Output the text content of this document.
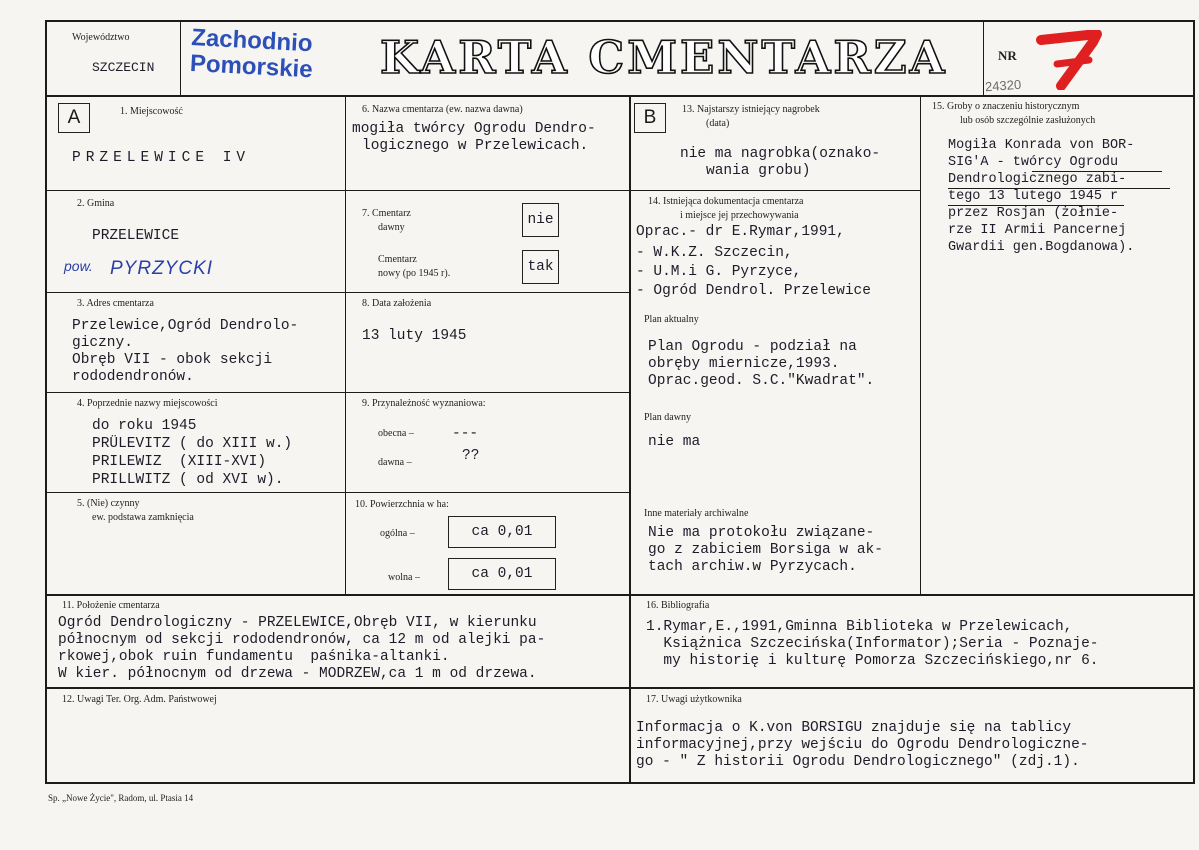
Województwo
SZCZECIN
Zachodnio
Pomorskie KARTA CMENTARZA	NR
24320
A	1. Miejscowość
PRZELEWICE IV
2. Gmina
PRZELEWICE
pow. PYRZYCKI
3. Adres cmentarza
Przelewice,Ogród Dendrolo-
giczny.
Obręb VII - obok sekcji
rododendronów.
4. Poprzednie nazwy miejscowości
do roku 1945
PRÜLEVITZ ( do XIII w.)
PRILEWIZ  (XIII-XVI)
PRILLWITZ ( od XVI w).
5. (Nie) czynny
ew. podstawa zamknięcia
6. Nazwa cmentarza (ew. nazwa dawna)
mogiła twórcy Ogrodu Dendro-
logicznego w Przelewicach.
7. Cmentarz
dawny	nie
Cmentarz
nowy (po 1945 r).	tak
8. Data założenia
13 luty 1945
9. Przynależność wyznaniowa:
obecna –	---
dawna –	??
10. Powierzchnia w ha:
ogólna –	ca 0,01
wolna –	ca 0,01
B	13. Najstarszy istniejący nagrobek
(data)
nie ma nagrobka(oznako-
wania grobu)
14. Istniejąca dokumentacja cmentarza
i miejsce jej przechowywania
Oprac.- dr E.Rymar,1991,
- W.K.Z. Szczecin,
- U.M.i G. Pyrzyce,
- Ogród Dendrol. Przelewice
Plan aktualny
Plan Ogrodu - podział na
obręby miernicze,1993.
Oprac.geod. S.C."Kwadrat".
Plan dawny
nie ma
Inne materiały archiwalne
Nie ma protokołu związane-
go z zabiciem Borsiga w ak-
tach archiw.w Pyrzycach.
15. Groby o znaczeniu historycznym
lub osób szczególnie zasłużonych
Mogiła Konrada von BOR-
SIG'A - twórcy Ogrodu
Dendrologicznego zabi-
tego 13 lutego 1945 r
przez Rosjan (żołnie-
rze II Armii Pancernej
Gwardii gen.Bogdanowa).
11. Położenie cmentarza
Ogród Dendrologiczny - PRZELEWICE,Obręb VII, w kierunku
północnym od sekcji rododendronów, ca 12 m od alejki pa-
rkowej,obok ruin fundamentu  paśnika-altanki.
W kier. północnym od drzewa - MODRZEW,ca 1 m od drzewa.
16. Bibliografia
1.Rymar,E.,1991,Gminna Biblioteka w Przelewicach,
Książnica Szczecińska(Informator);Seria - Poznaje-
my historię i kulturę Pomorza Szczecińskiego,nr 6.
12. Uwagi Ter. Org. Adm. Państwowej	17. Uwagi użytkownika
Informacja o K.von BORSIGU znajduje się na tablicy
informacyjnej,przy wejściu do Ogrodu Dendrologiczne-
go - " Z historii Ogrodu Dendrologicznego" (zdj.1).
Sp. „Nowe Życie", Radom, ul. Ptasia 14
